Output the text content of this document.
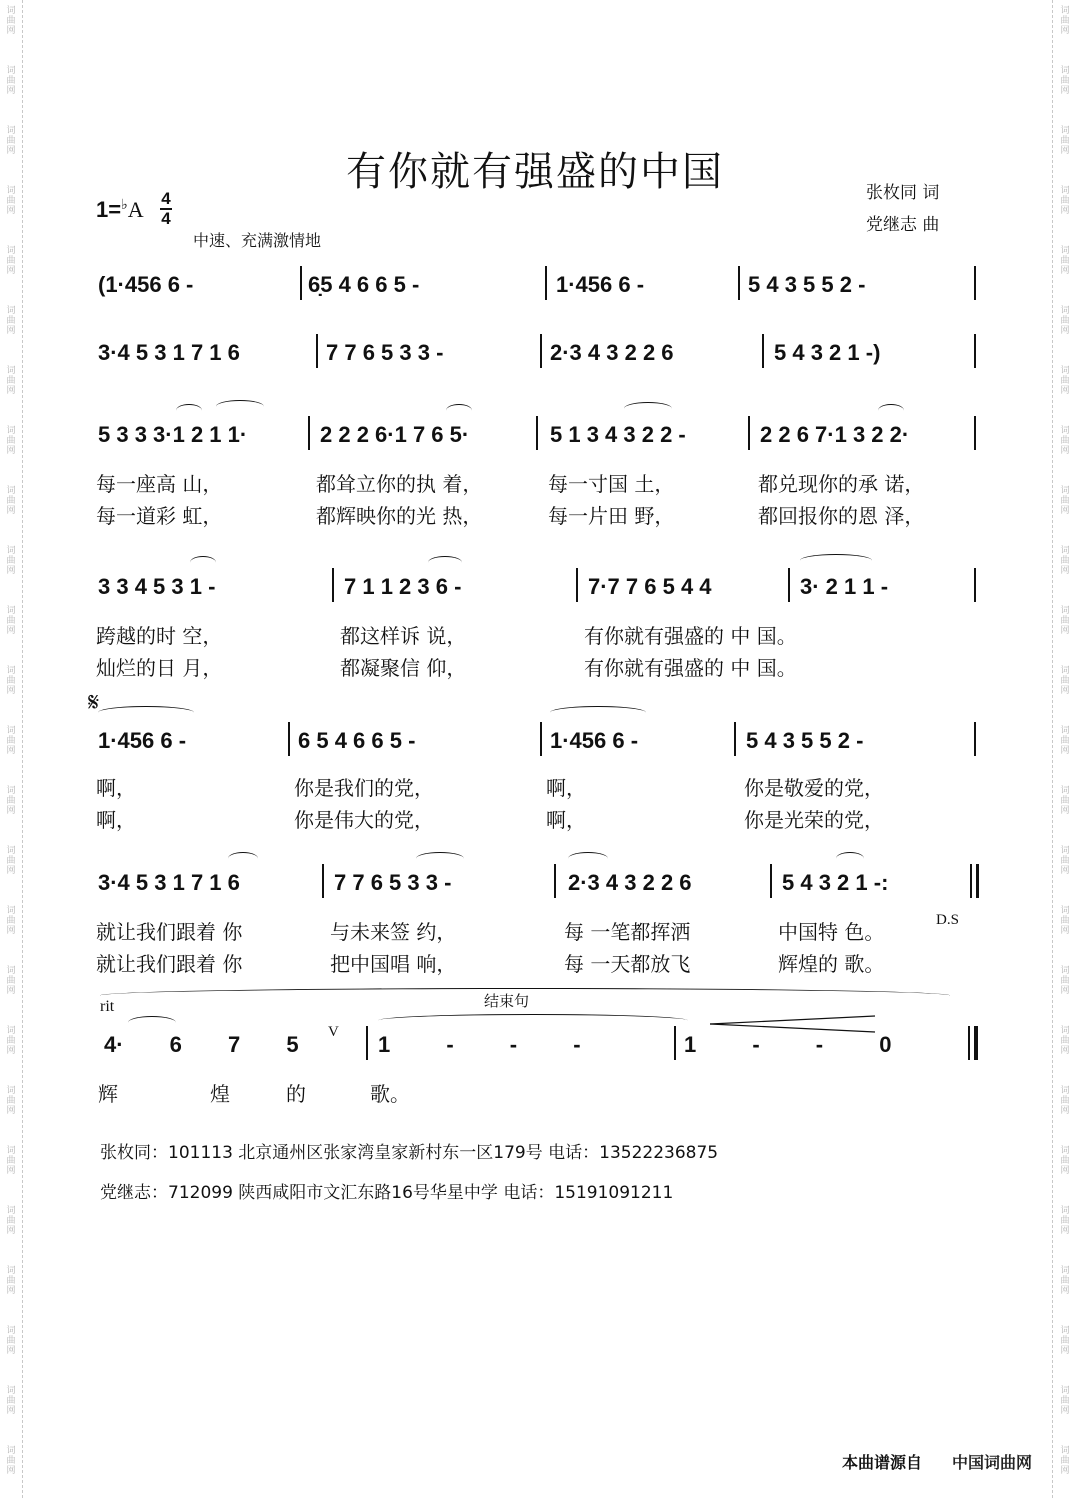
词
曲
网
词
曲
网
词
曲
网
词
曲
网
词
曲
网
词
曲
网
词
曲
网
词
曲
网
词
曲
网
词
曲
网
词
曲
网
词
曲
网
词
曲
网
词
曲
网
词
曲
网
词
曲
网
词
曲
网
词
曲
网
词
曲
网
词
曲
网
词
曲
网
词
曲
网
词
曲
网
词
曲
网
词
曲
网
词
曲
网
词
曲
网
词
曲
网
词
曲
网
词
曲
网
词
曲
网
词
曲
网
词
曲
网
词
曲
网
词
曲
网
词
曲
网
词
曲
网
词
曲
网
词
曲
网
词
曲
网
词
曲
网
词
曲
网
词
曲
网
词
曲
网
词
曲
网
词
曲
网
词
曲
网
词
曲
网
词
曲
网
词
曲
网
有你就有强盛的中国	张枚同 词
党继志 曲
1=♭A 4
4
中速、充满激情地
(1·456 6 -	6̣5 4 6 6 5 -	1·456 6 -	5 4 3 5 5 2 -
3·4 5 3 1 7 1 6	7 7 6 5 3 3 -	2·3 4 3 2 2 6	5 4 3 2 1 -)
5 3 3 3·1 2 1 1·	2 2 2 6·1 7 6 5·	5 1 3 4 3 2 2 -	2 2 6 7·1 3 2 2·

每一座高 山，

	都耸立你的执 着，

	每一寸国 土，

	都兑现你的承 诺，

每一道彩 虹，

	都辉映你的光 热，

	每一片田 野，

	都回报你的恩 泽，

3 3 4 5 3 1 -	7 1 1 2 3 6 -	7·7 7 6 5 4 4	3· 2 1 1 -

跨越的时 空，

	都这样诉 说，

	有你就有强盛的 中 国。

灿烂的日 月，

	都凝聚信 仰，

	有你就有强盛的 中 国。

𝄋
1·456 6 -	6 5 4 6 6 5 -	1·456 6 -	5 4 3 5 5 2 -

啊，

	你是我们的党，

	啊，

	你是敬爱的党，

啊，

	你是伟大的党，

	啊，

	你是光荣的党，

3·4 5 3 1 7 1 6	7 7 6 5 3 3 -	2·3 4 3 2 2 6	5 4 3 2 1 -:

就让我们跟着 你

	与未来签 约，

	每 一笔都挥洒

	中国特 色。	D.S

就让我们跟着 你

	把中国唱 响，

	每 一天都放飞

	辉煌的 歌。

rit	结束句
4· 6 7 5 V 1 - - -	1 - - 0

辉

	煌

	的

	歌。

张枚同：101113 北京通州区张家湾皇家新村东一区179号 电话：13522236875
党继志：712099 陕西咸阳市文汇东路16号华星中学 电话：15191091211
本曲谱源自 中国词曲网
